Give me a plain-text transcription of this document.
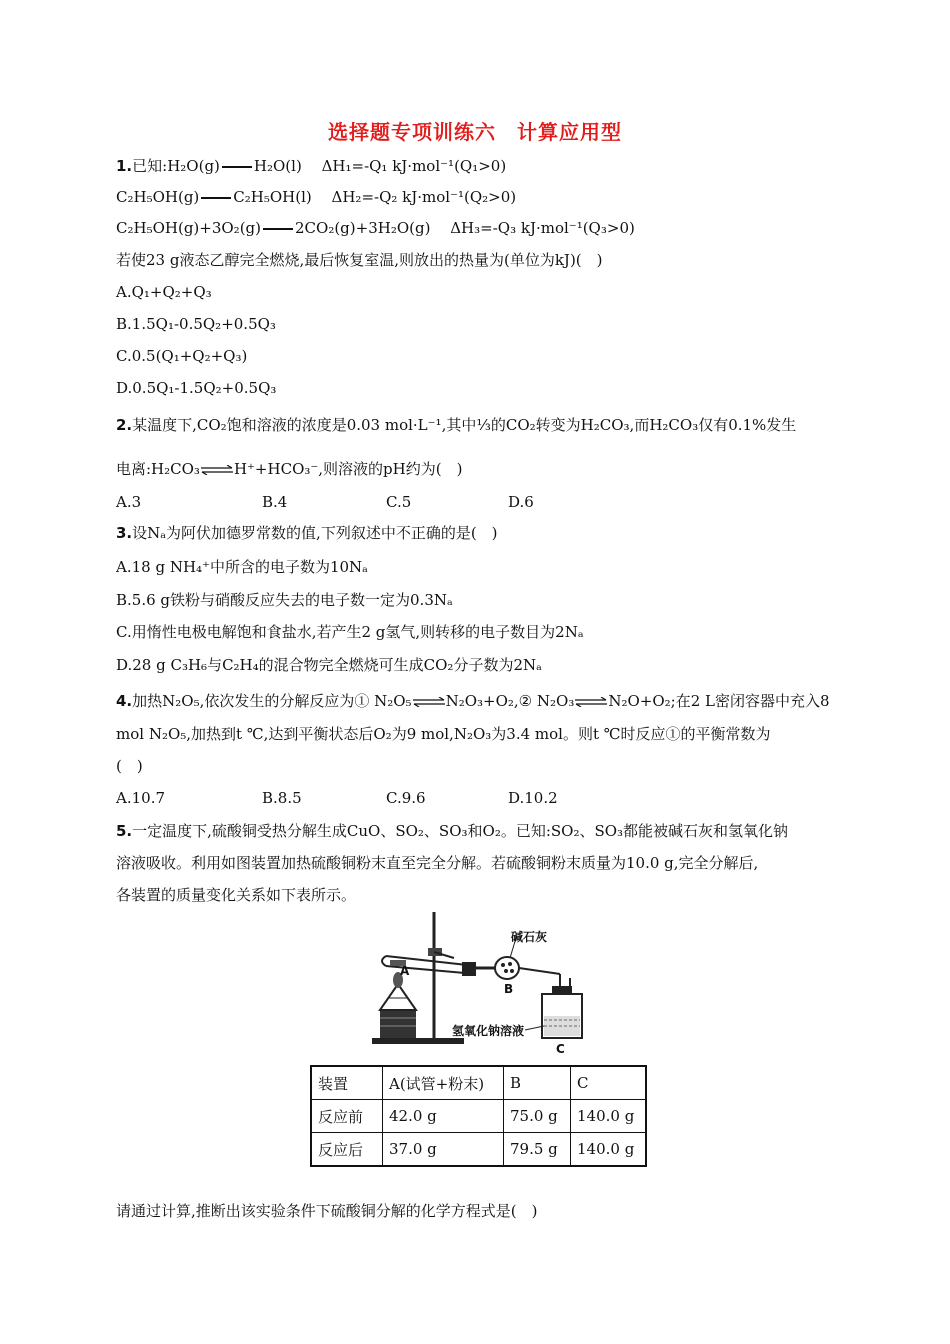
选择题专项训练六　计算应用型
1.已知:H₂O(g) H₂O(l)　 ΔH₁=-Q₁ kJ·mol⁻¹(Q₁>0)
C₂H₅OH(g) C₂H₅OH(l)　 ΔH₂=-Q₂ kJ·mol⁻¹(Q₂>0)
C₂H₅OH(g)+3O₂(g) 2CO₂(g)+3H₂O(g)　 ΔH₃=-Q₃ kJ·mol⁻¹(Q₃>0)
若使23 g液态乙醇完全燃烧,最后恢复室温,则放出的热量为(单位为kJ)(　)
A.Q₁+Q₂+Q₃
B.1.5Q₁-0.5Q₂+0.5Q₃
C.0.5(Q₁+Q₂+Q₃)
D.0.5Q₁-1.5Q₂+0.5Q₃
2.某温度下,CO₂饱和溶液的浓度是0.03 mol·L⁻¹,其中⅓的CO₂转变为H₂CO₃,而H₂CO₃仅有0.1%发生
电离:H₂CO₃⇌H⁺+HCO₃⁻,则溶液的pH约为(　)
A.3	B.4	C.5	D.6
3.设Nₐ为阿伏加德罗常数的值,下列叙述中不正确的是(　)
A.18 g NH₄⁺中所含的电子数为10Nₐ
B.5.6 g铁粉与硝酸反应失去的电子数一定为0.3Nₐ
C.用惰性电极电解饱和食盐水,若产生2 g氢气,则转移的电子数目为2Nₐ
D.28 g C₃H₆与C₂H₄的混合物完全燃烧可生成CO₂分子数为2Nₐ
4.加热N₂O₅,依次发生的分解反应为① N₂O₅⇌N₂O₃+O₂,② N₂O₃⇌N₂O+O₂;在2 L密闭容器中充入8
mol N₂O₅,加热到t ℃,达到平衡状态后O₂为9 mol,N₂O₃为3.4 mol。则t ℃时反应①的平衡常数为
(　)
A.10.7	B.8.5	C.9.6	D.10.2
5.一定温度下,硫酸铜受热分解生成CuO、SO₂、SO₃和O₂。已知:SO₂、SO₃都能被碱石灰和氢氧化钠
溶液吸收。利用如图装置加热硫酸铜粉末直至完全分解。若硫酸铜粉末质量为10.0 g,完全分解后,
各装置的质量变化关系如下表所示。
碱石灰
氢氧化钠溶液
A
B
C
装置	A(试管+粉末)	B	C
反应前	42.0 g	75.0 g	140.0 g
反应后	37.0 g	79.5 g	140.0 g
请通过计算,推断出该实验条件下硫酸铜分解的化学方程式是(　)
